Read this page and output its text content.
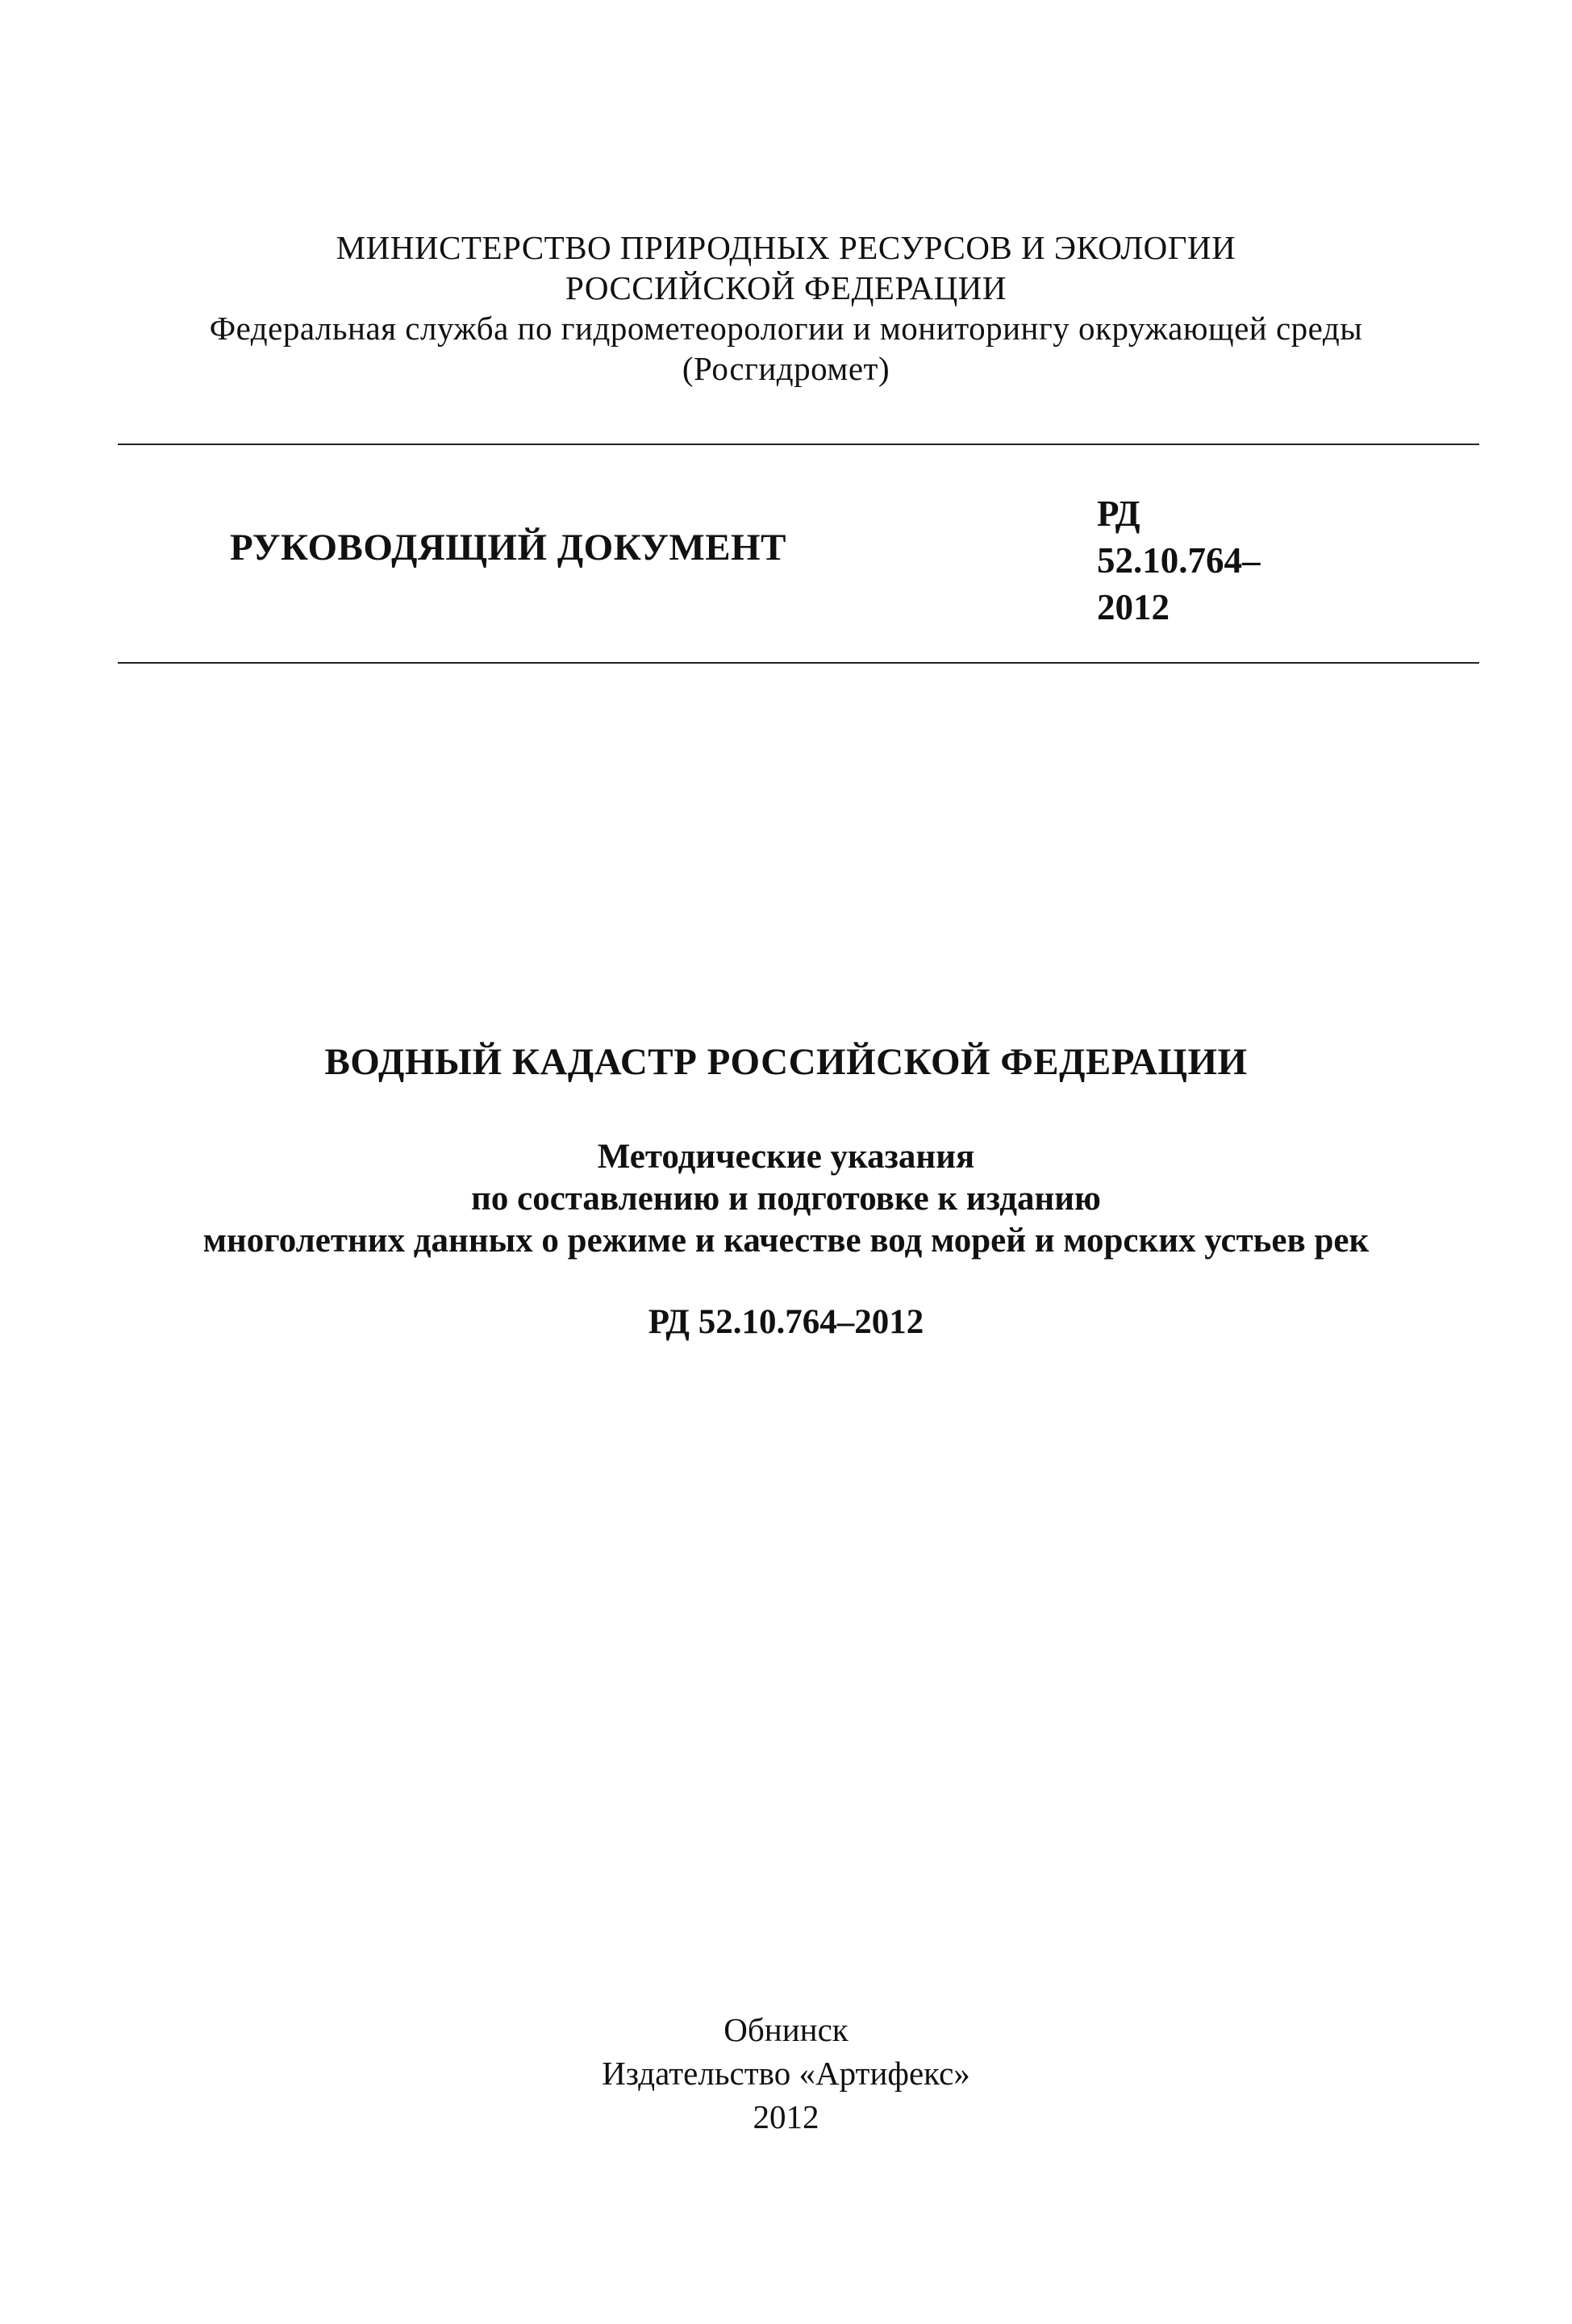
МИНИСТЕРСТВО ПРИРОДНЫХ РЕСУРСОВ И ЭКОЛОГИИ

РОССИЙСКОЙ ФЕДЕРАЦИИ

Федеральная служба по гидрометеорологии и мониторингу окружающей среды

(Росгидромет)

РУКОВОДЯЩИЙ ДОКУМЕНТ

РД
52.10.764–
2012

ВОДНЫЙ КАДАСТР РОССИЙСКОЙ ФЕДЕРАЦИИ

Методические указания

по составлению и подготовке к изданию

многолетних данных о режиме и качестве вод морей и морских устьев рек

РД 52.10.764–2012

Обнинск

Издательство «Артифекс»

2012
